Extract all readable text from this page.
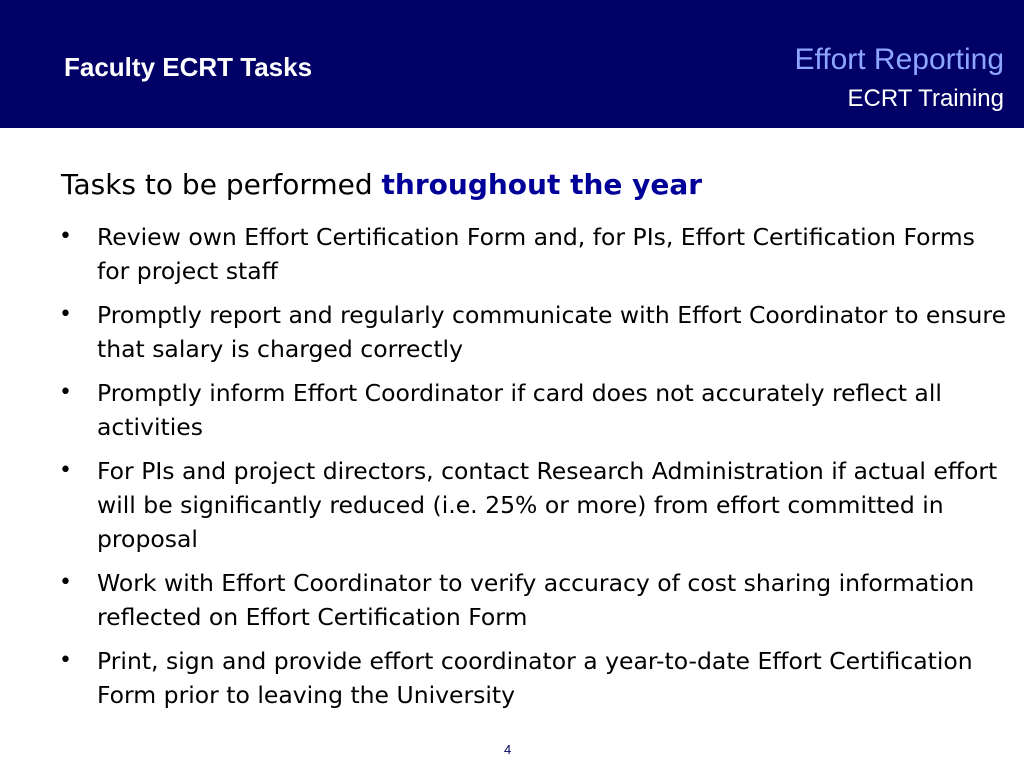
Faculty ECRT Tasks	Effort Reporting
ECRT Training
Tasks to be performed throughout the year
• Review own Effort Certification Form and, for PIs, Effort Certification Forms for project staff
• Promptly report and regularly communicate with Effort Coordinator to ensure that salary is charged correctly
• Promptly inform Effort Coordinator if card does not accurately reflect all activities
• For PIs and project directors, contact Research Administration if actual effort will be significantly reduced (i.e. 25% or more) from effort committed in proposal
• Work with Effort Coordinator to verify accuracy of cost sharing information reflected on Effort Certification Form
• Print, sign and provide effort coordinator a year-to-date Effort Certification Form prior to leaving the University
4
